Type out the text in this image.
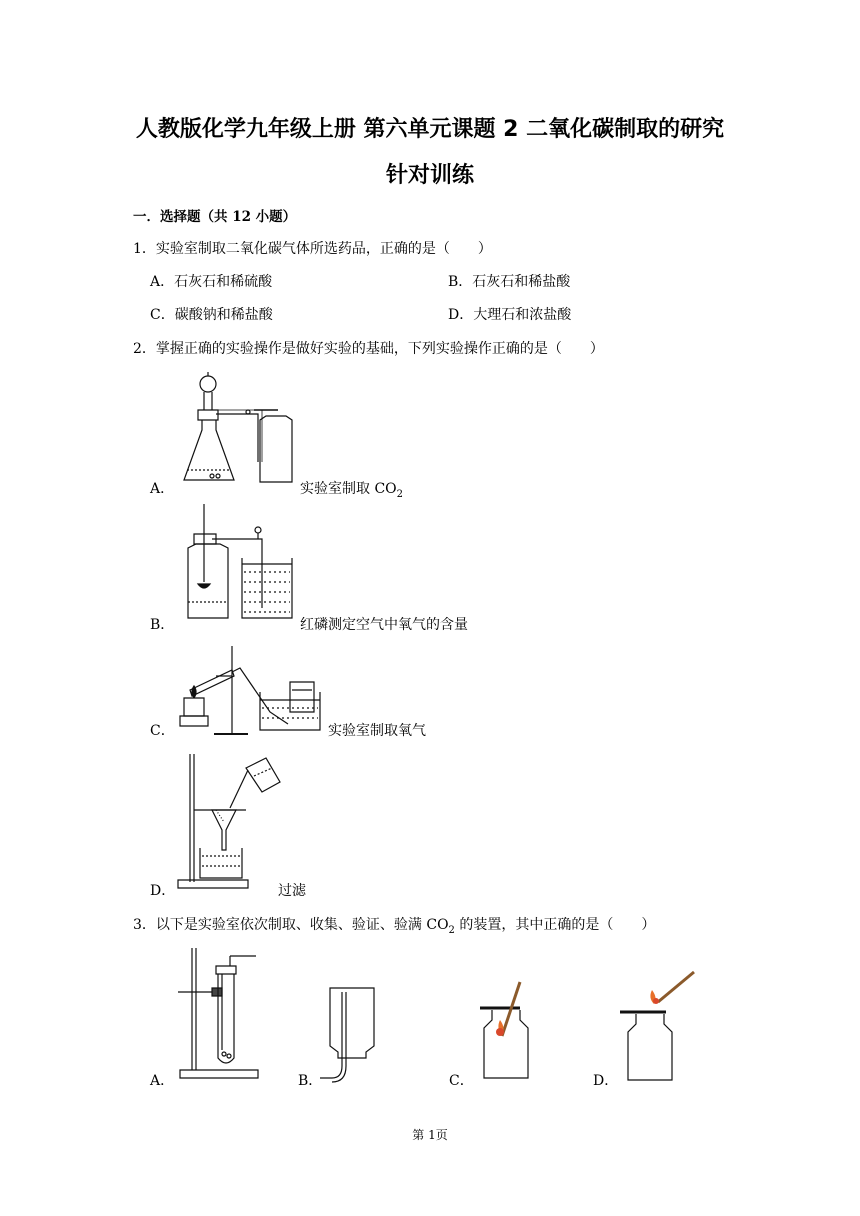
人教版化学九年级上册 第六单元课题 2 二氧化碳制取的研究
针对训练
一．选择题（共 12 小题）
1．实验室制取二氧化碳气体所选药品，正确的是（　　）
A．石灰石和稀硫酸	B．石灰石和稀盐酸
C．碳酸钠和稀盐酸	D．大理石和浓盐酸
2．掌握正确的实验操作是做好实验的基础，下列实验操作正确的是（　　）
A．	实验室制取 $CO_2$
B．	红磷测定空气中氧气的含量
C．	实验室制取氧气
D．	过滤
3．以下是实验室依次制取、收集、验证、验满 $CO_2$ 的装置，其中正确的是（　　）
A．	B．	C．	D．
第 1页
